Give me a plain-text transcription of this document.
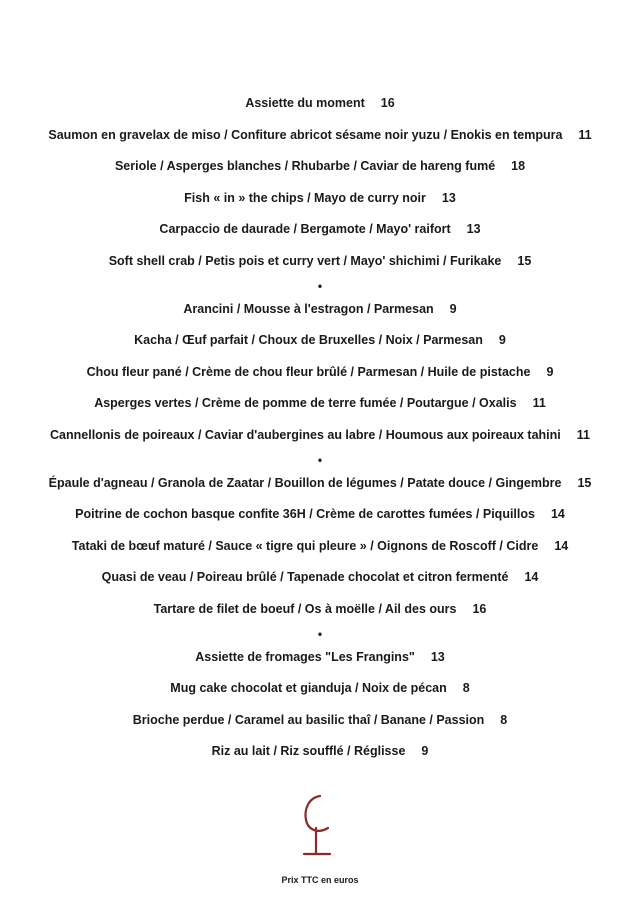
Assiette du moment 16
Saumon en gravelax de miso / Confiture abricot sésame noir yuzu / Enokis en tempura 11
Seriole / Asperges blanches / Rhubarbe / Caviar de hareng fumé 18
Fish « in » the chips / Mayo de curry noir 13
Carpaccio de daurade / Bergamote / Mayo' raifort 13
Soft shell crab / Petis pois et curry vert / Mayo' shichimi / Furikake 15
•
Arancini / Mousse à l'estragon / Parmesan 9
Kacha / Œuf parfait / Choux de Bruxelles / Noix / Parmesan 9
Chou fleur pané / Crème de chou fleur brûlé / Parmesan / Huile de pistache 9
Asperges vertes / Crème de pomme de terre fumée / Poutargue / Oxalis 11
Cannellonis de poireaux / Caviar d'aubergines au labre / Houmous aux poireaux tahini 11
•
Épaule d'agneau / Granola de Zaatar / Bouillon de légumes / Patate douce / Gingembre 15
Poitrine de cochon basque confite 36H / Crème de carottes fumées / Piquillos 14
Tataki de bœuf maturé / Sauce « tigre qui pleure » / Oignons de Roscoff / Cidre 14
Quasi de veau / Poireau brûlé / Tapenade chocolat et citron fermenté 14
Tartare de filet de boeuf / Os à moëlle / Ail des ours 16
•
Assiette de fromages "Les Frangins" 13
Mug cake chocolat et gianduja / Noix de pécan 8
Brioche perdue / Caramel au basilic thaî / Banane / Passion 8
Riz au lait / Riz soufflé / Réglisse 9
Prix TTC en euros
